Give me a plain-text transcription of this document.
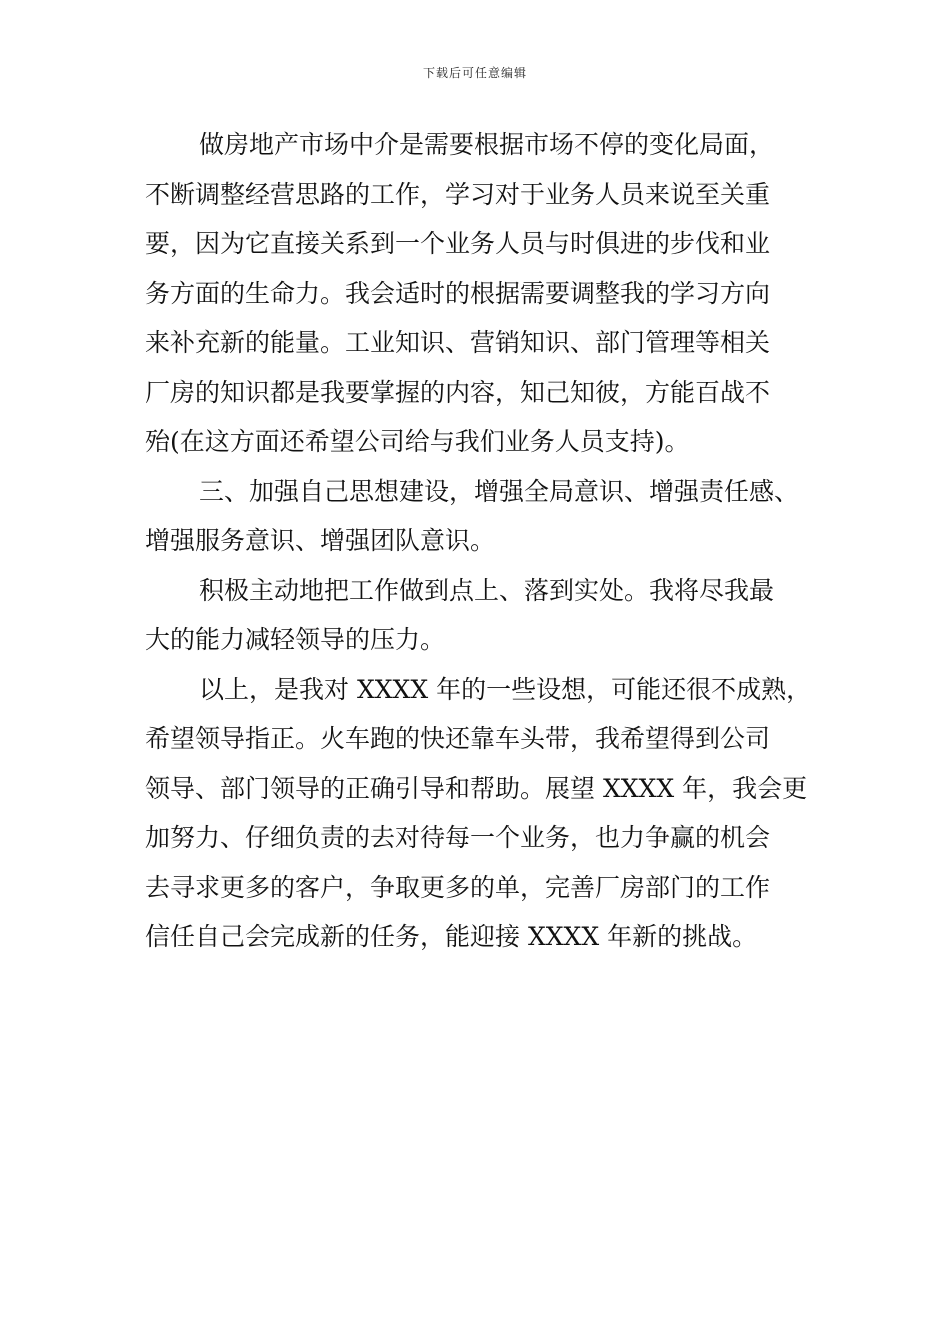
下载后可任意编辑
做房地产市场中介是需要根据市场不停的变化局面，
不断调整经营思路的工作，学习对于业务人员来说至关重
要，因为它直接关系到一个业务人员与时俱进的步伐和业
务方面的生命力。我会适时的根据需要调整我的学习方向
来补充新的能量。工业知识、营销知识、部门管理等相关
厂房的知识都是我要掌握的内容，知己知彼，方能百战不
殆(在这方面还希望公司给与我们业务人员支持)。
三、加强自己思想建设，增强全局意识、增强责任感、
增强服务意识、增强团队意识。
积极主动地把工作做到点上、落到实处。我将尽我最
大的能力减轻领导的压力。
以上，是我对 XXXX 年的一些设想，可能还很不成熟，
希望领导指正。火车跑的快还靠车头带，我希望得到公司
领导、部门领导的正确引导和帮助。展望 XXXX 年，我会更
加努力、仔细负责的去对待每一个业务，也力争赢的机会
去寻求更多的客户，争取更多的单，完善厂房部门的工作
信任自己会完成新的任务，能迎接 XXXX 年新的挑战。
